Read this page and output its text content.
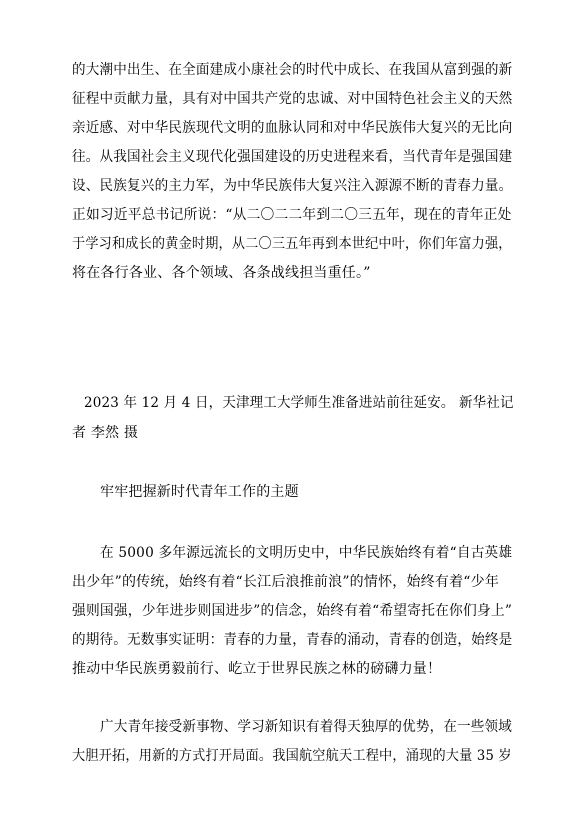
的大潮中出生、在全面建成小康社会的时代中成长、在我国从富到强的新
征程中贡献力量，具有对中国共产党的忠诚、对中国特色社会主义的天然
亲近感、对中华民族现代文明的血脉认同和对中华民族伟大复兴的无比向
往。从我国社会主义现代化强国建设的历史进程来看，当代青年是强国建
设、民族复兴的主力军，为中华民族伟大复兴注入源源不断的青春力量。
正如习近平总书记所说：“从二〇二二年到二〇三五年，现在的青年正处
于学习和成长的黄金时期，从二〇三五年再到本世纪中叶，你们年富力强，
将在各行各业、各个领域、各条战线担当重任。”
2023 年 12 月 4 日，天津理工大学师生准备进站前往延安。 新华社记
者 李然 摄
牢牢把握新时代青年工作的主题
在 5000 多年源远流长的文明历史中，中华民族始终有着“自古英雄
出少年”的传统，始终有着“长江后浪推前浪”的情怀，始终有着“少年
强则国强，少年进步则国进步”的信念，始终有着“希望寄托在你们身上”
的期待。无数事实证明：青春的力量，青春的涌动，青春的创造，始终是
推动中华民族勇毅前行、屹立于世界民族之林的磅礴力量！
广大青年接受新事物、学习新知识有着得天独厚的优势，在一些领域
大胆开拓，用新的方式打开局面。我国航空航天工程中，涌现的大量 35 岁
